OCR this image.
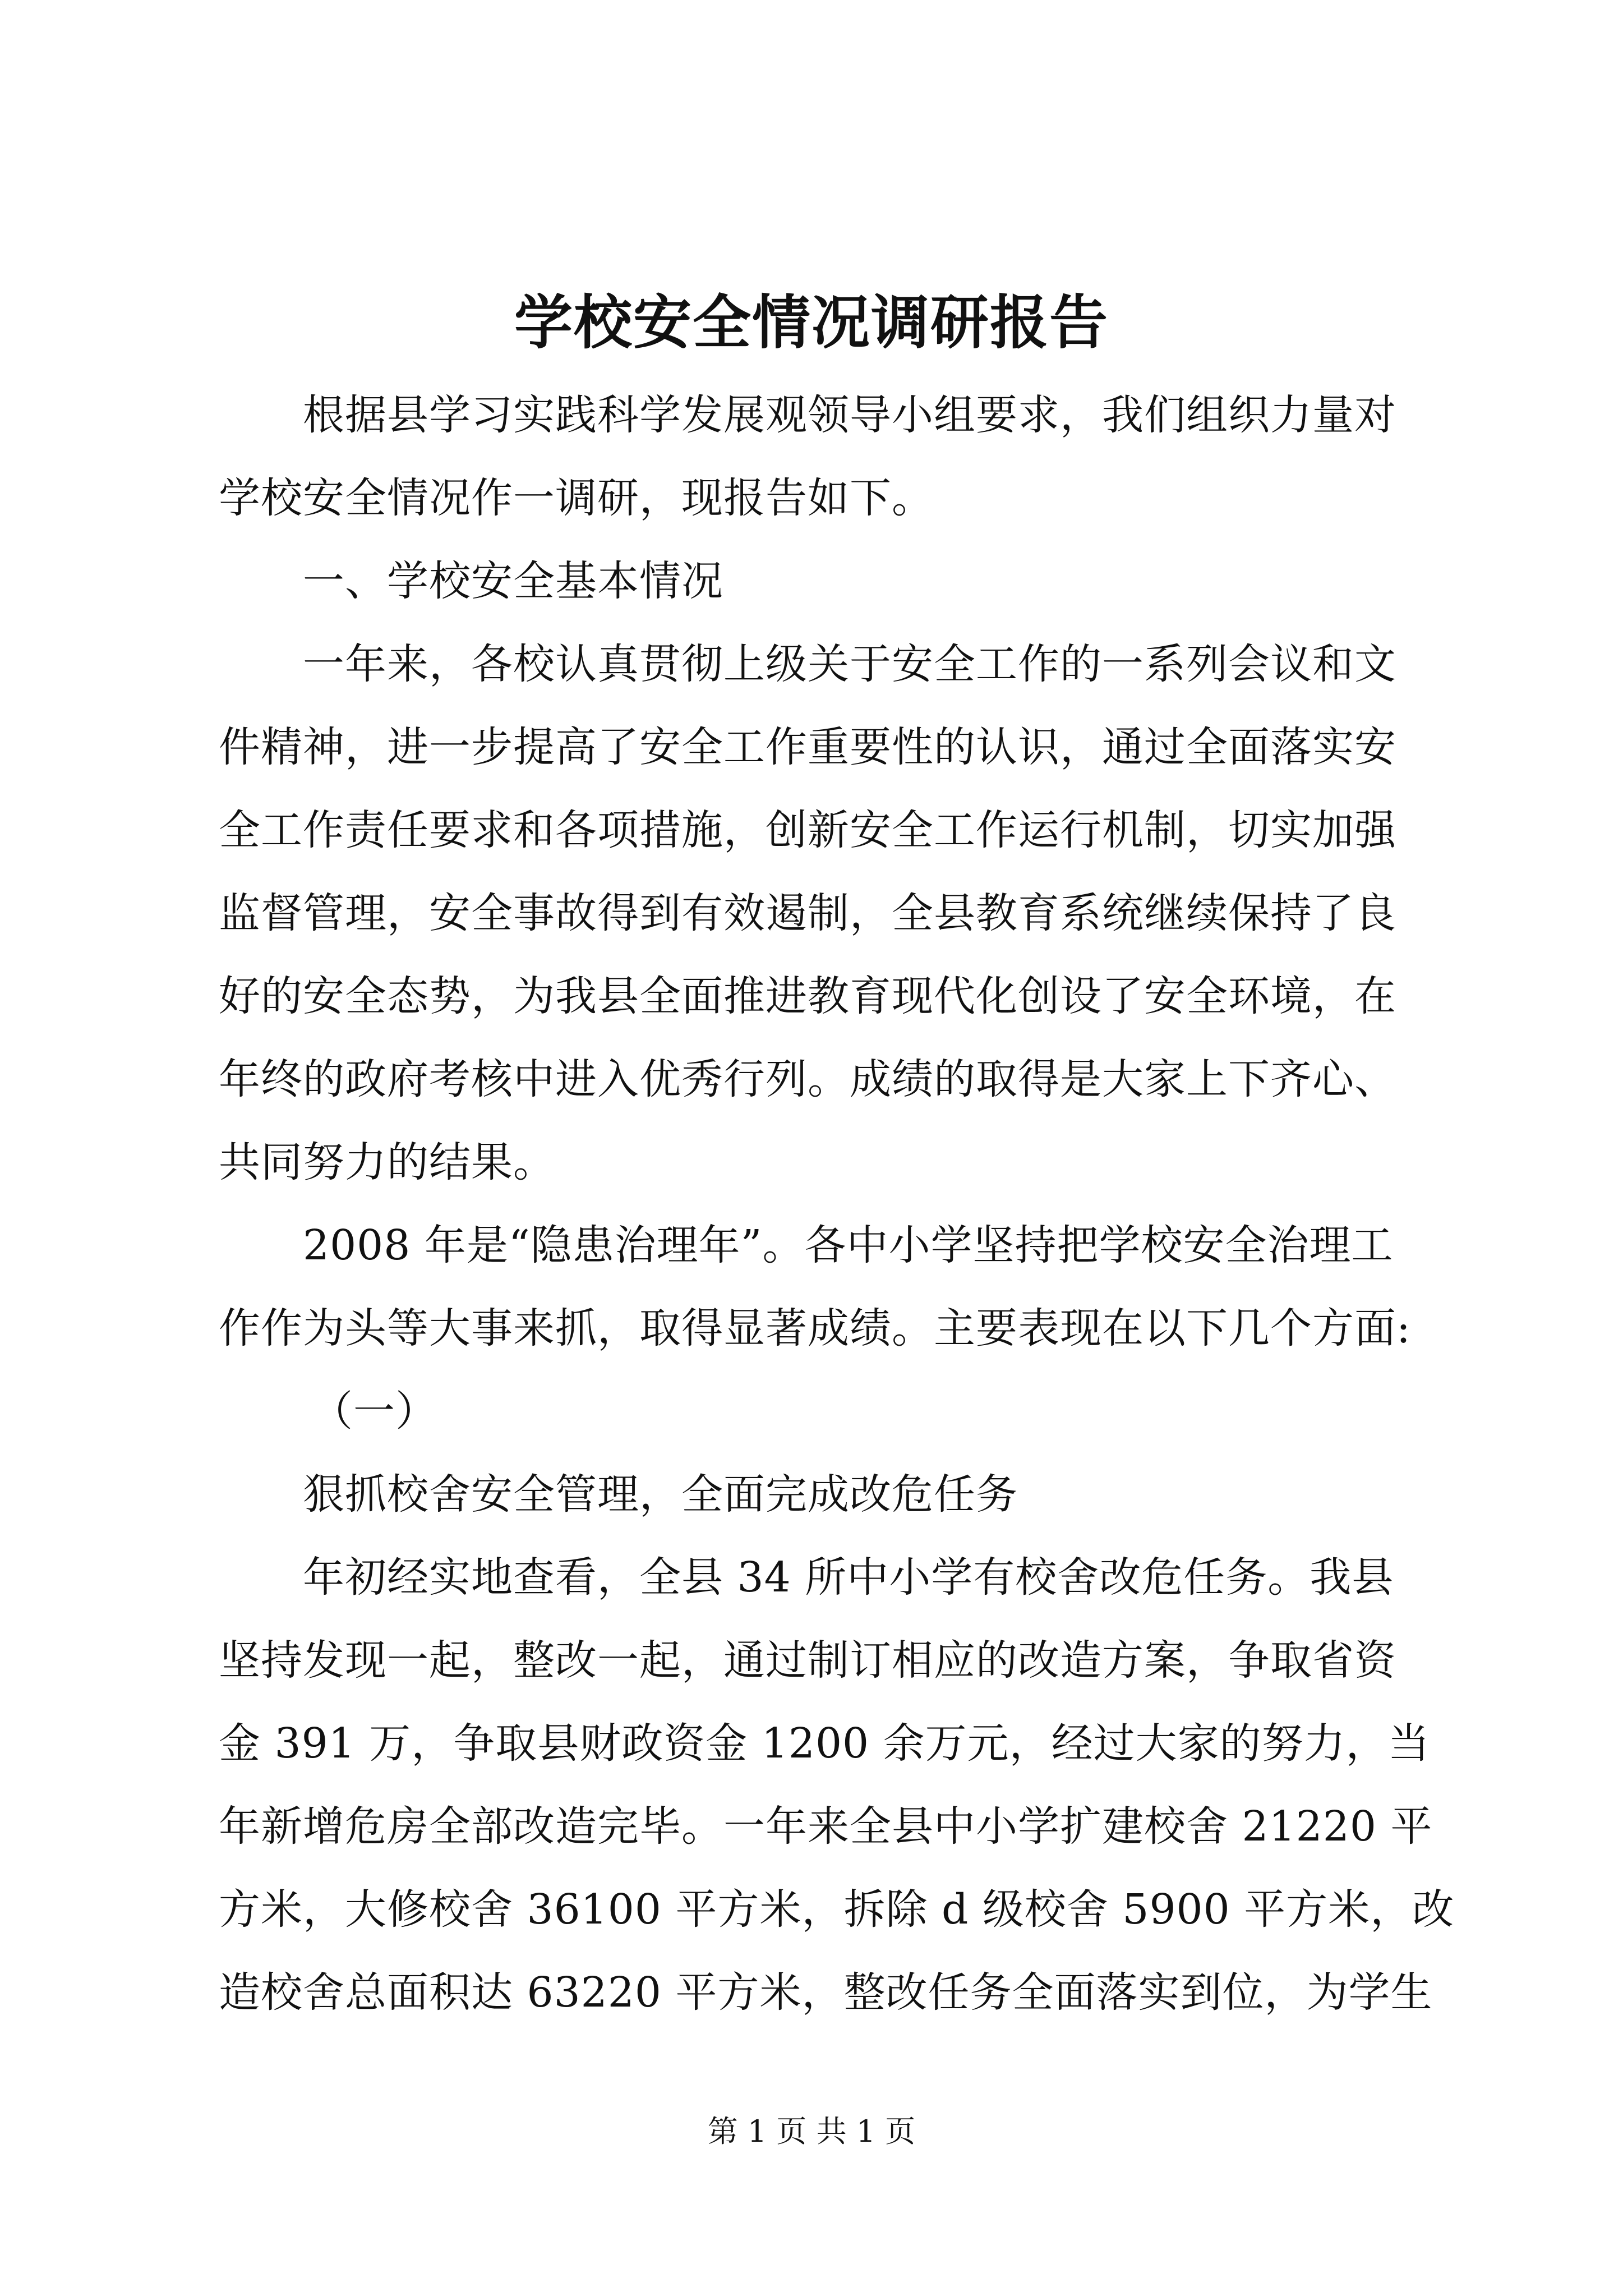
学校安全情况调研报告
根据县学习实践科学发展观领导小组要求，我们组织力量对
学校安全情况作一调研，现报告如下。
一、学校安全基本情况
一年来，各校认真贯彻上级关于安全工作的一系列会议和文
件精神，进一步提高了安全工作重要性的认识，通过全面落实安
全工作责任要求和各项措施，创新安全工作运行机制，切实加强
监督管理，安全事故得到有效遏制，全县教育系统继续保持了良
好的安全态势，为我县全面推进教育现代化创设了安全环境，在
年终的政府考核中进入优秀行列。成绩的取得是大家上下齐心、
共同努力的结果。
2008 年是“隐患治理年”。各中小学坚持把学校安全治理工
作作为头等大事来抓，取得显著成绩。主要表现在以下几个方面:
（一）
狠抓校舍安全管理，全面完成改危任务
年初经实地查看，全县 34 所中小学有校舍改危任务。我县
坚持发现一起，整改一起，通过制订相应的改造方案，争取省资
金 391 万，争取县财政资金 1200 余万元，经过大家的努力，当
年新增危房全部改造完毕。一年来全县中小学扩建校舍 21220 平
方米，大修校舍 36100 平方米，拆除 d 级校舍 5900 平方米，改
造校舍总面积达 63220 平方米，整改任务全面落实到位，为学生
第 1 页 共 1 页
